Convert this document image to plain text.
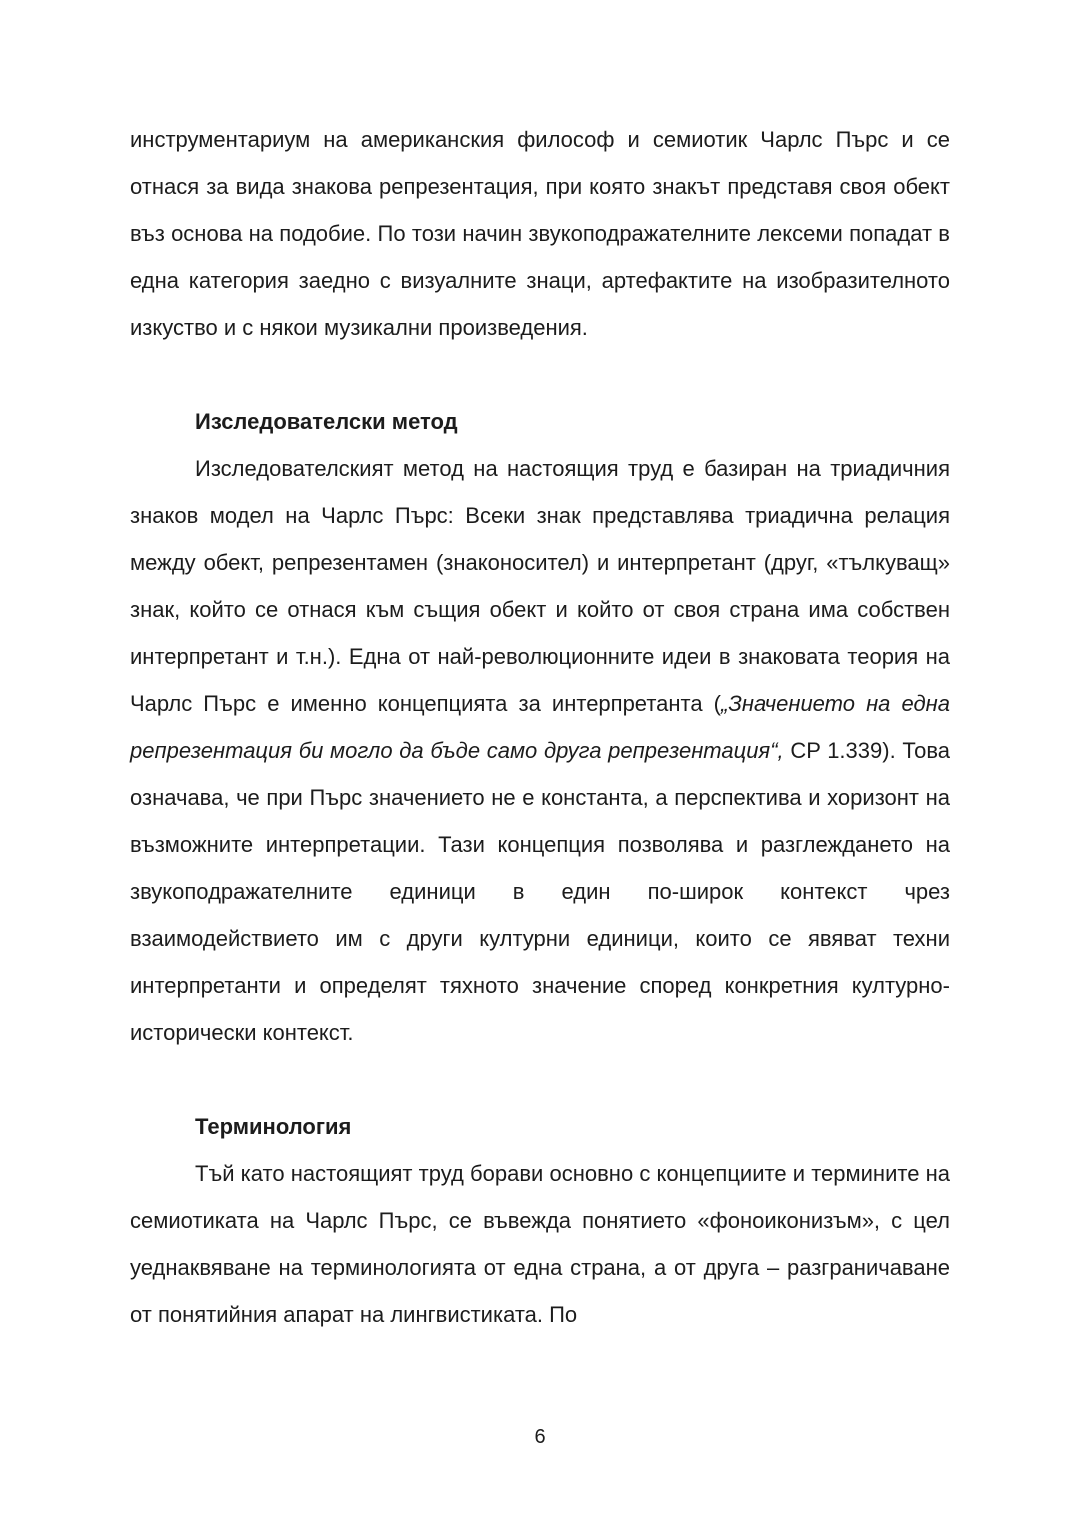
инструментариум на американския философ и семиотик Чарлс Пърс и се отнася за вида знакова репрезентация, при която знакът представя своя обект въз основа на подобие. По този начин звукоподражателните лексеми попадат в една категория заедно с визуалните знаци, артефактите на изобразителното изкуство и с някои музикални произведения.

Изследователски метод

Изследователският метод на настоящия труд е базиран на триадичния знаков модел на Чарлс Пърс: Всеки знак представлява триадична релация между обект, репрезентамен (знаконосител) и интерпретант (друг, «тълкуващ» знак, който се отнася към същия обект и който от своя страна има собствен интерпретант и т.н.). Една от най-революционните идеи в знаковата теория на Чарлс Пърс е именно концепцията за интерпретанта („Значението на една репрезентация би могло да бъде само друга репрезентация“, CP 1.339). Това означава, че при Пърс значението не е константа, а перспектива и хоризонт на възможните интерпретации. Тази концепция позволява и разглеждането на звукоподражателните единици в един по-широк контекст чрез взаимодействието им с други културни единици, които се явяват техни интерпретанти и определят тяхното значение според конкретния културно-исторически контекст.

Терминология

Тъй като настоящият труд борави основно с концепциите и термините на семиотиката на Чарлс Пърс, се въвежда понятието «фоноиконизъм», с цел уеднаквяване на терминологията от една страна, а от друга – разграничаване от понятийния апарат на лингвистиката. По

6
